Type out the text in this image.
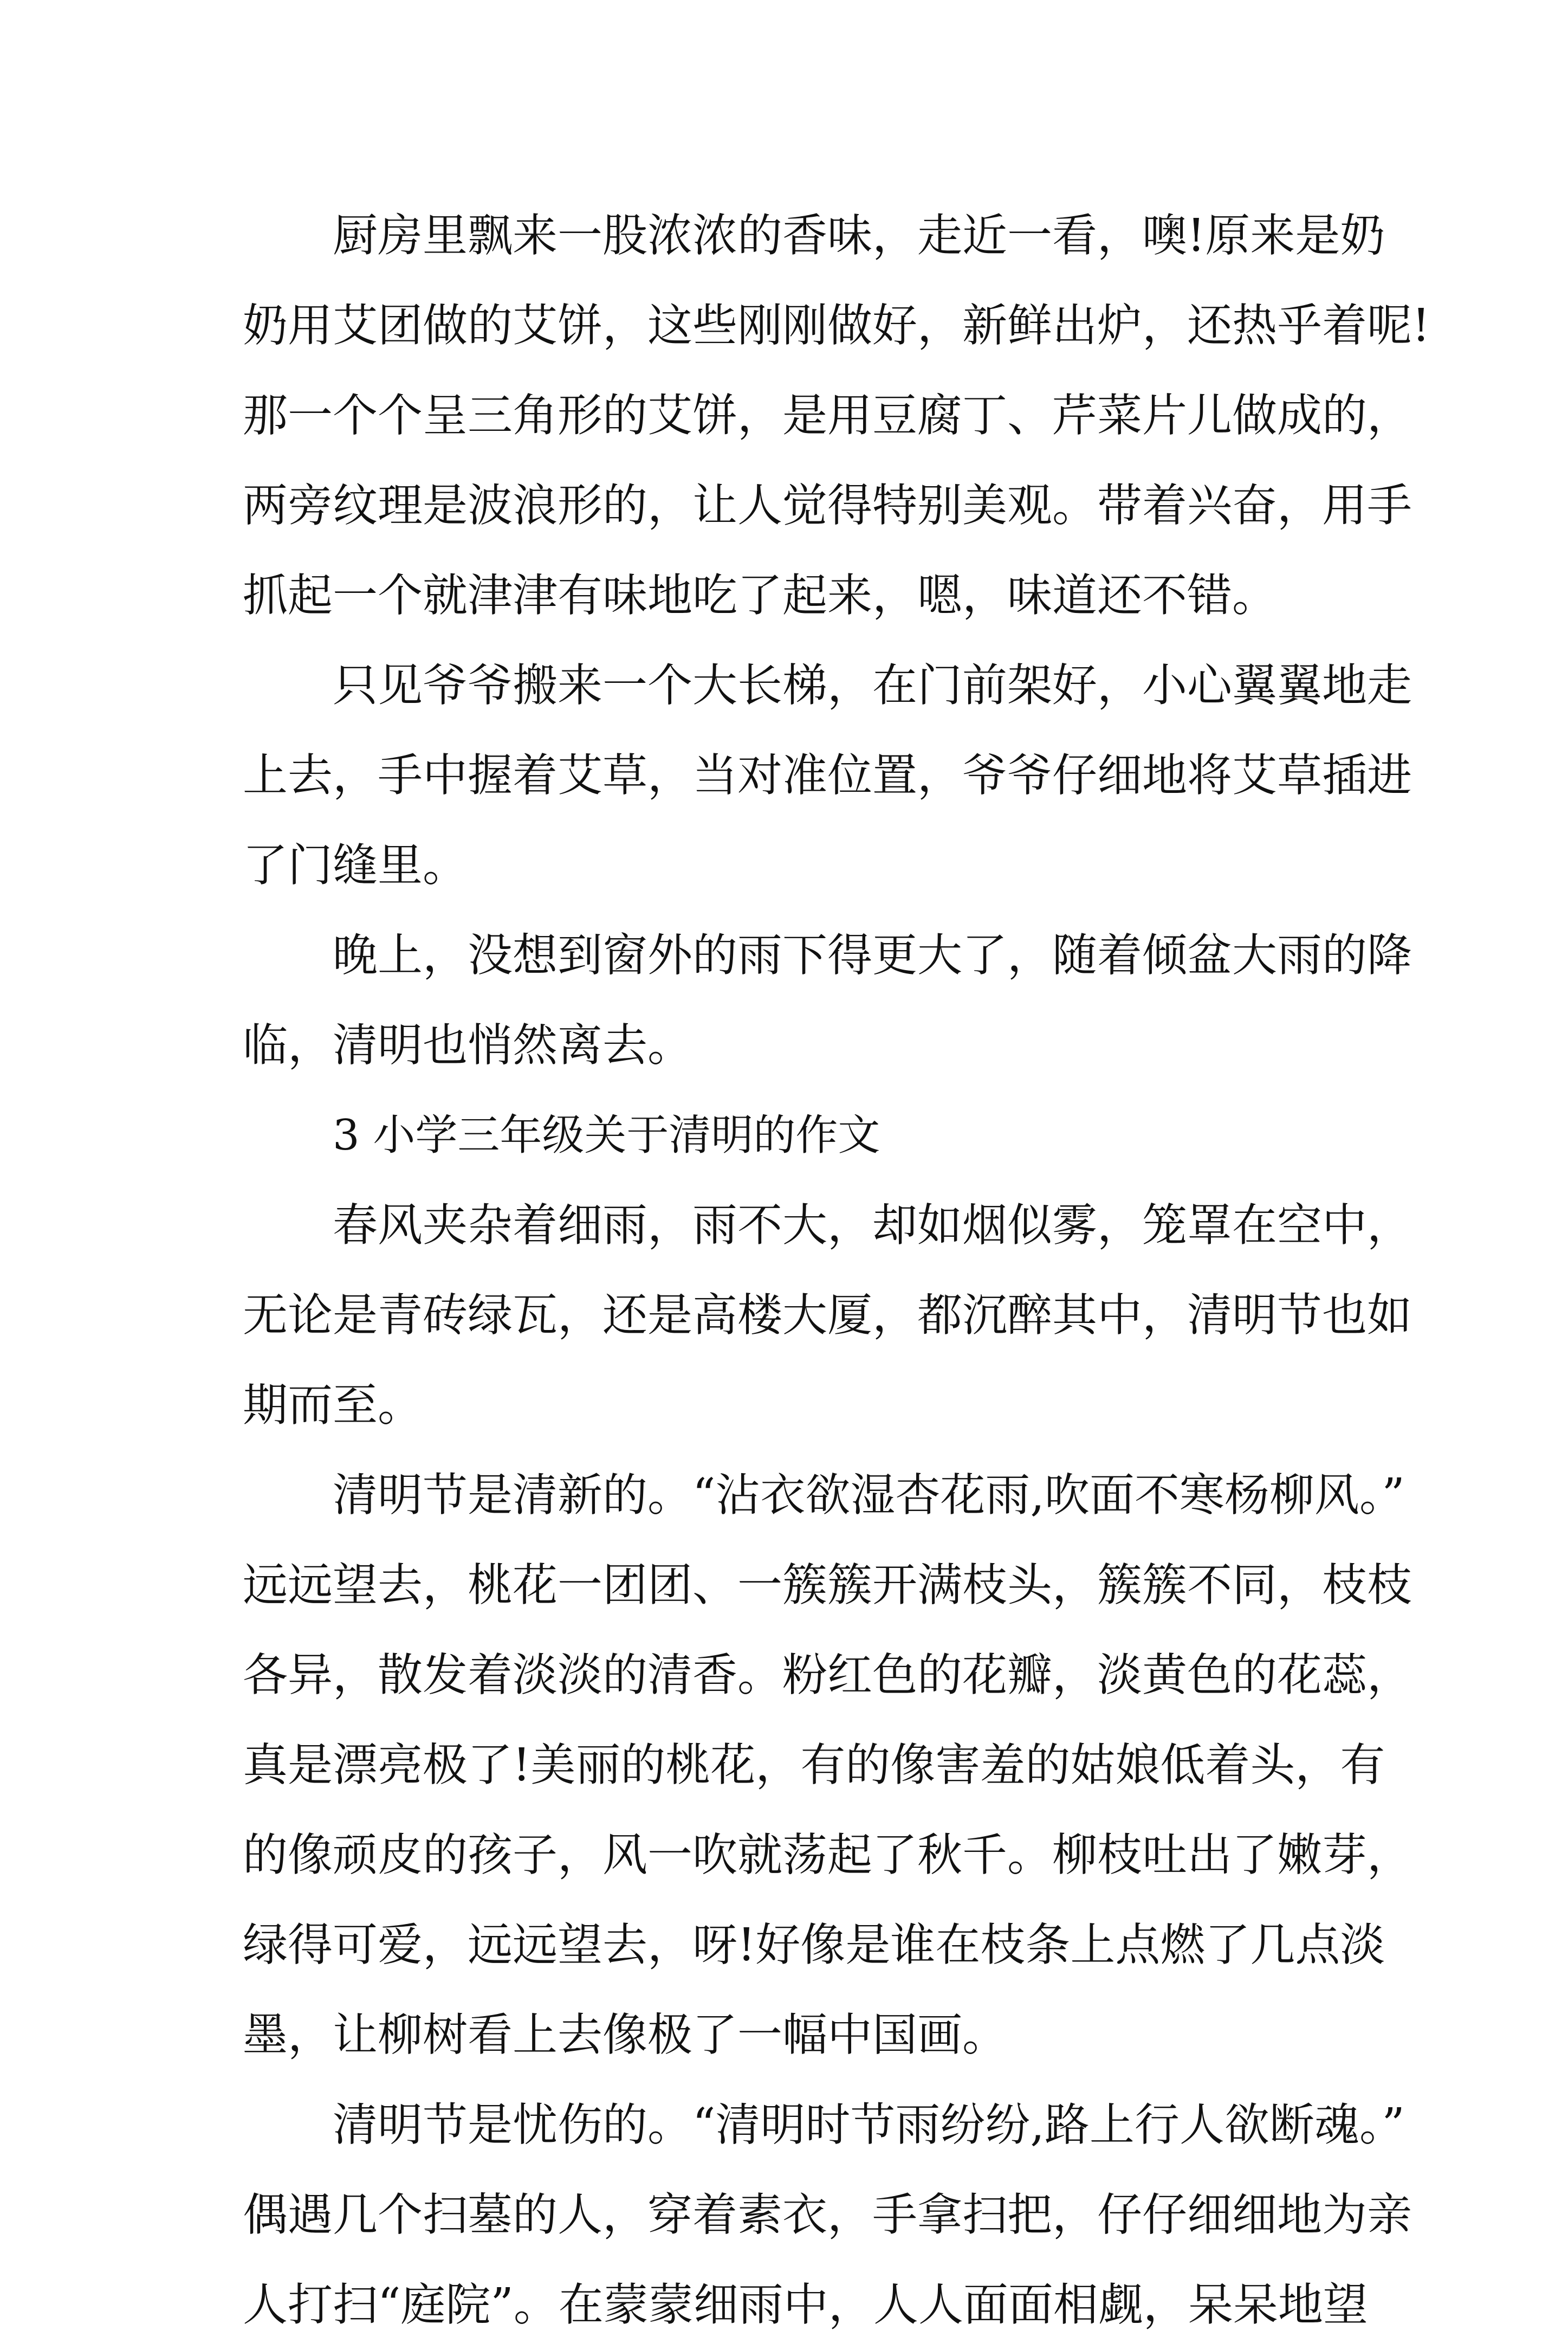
厨房里飘来一股浓浓的香味，走近一看，噢!原来是奶
奶用艾团做的艾饼，这些刚刚做好，新鲜出炉，还热乎着呢!
那一个个呈三角形的艾饼，是用豆腐丁、芹菜片儿做成的，
两旁纹理是波浪形的，让人觉得特别美观。带着兴奋，用手
抓起一个就津津有味地吃了起来，嗯，味道还不错。
只见爷爷搬来一个大长梯，在门前架好，小心翼翼地走
上去，手中握着艾草，当对准位置，爷爷仔细地将艾草插进
了门缝里。
晚上，没想到窗外的雨下得更大了，随着倾盆大雨的降
临，清明也悄然离去。
3 小学三年级关于清明的作文
春风夹杂着细雨，雨不大，却如烟似雾，笼罩在空中，
无论是青砖绿瓦，还是高楼大厦，都沉醉其中，清明节也如
期而至。
清明节是清新的。“沾衣欲湿杏花雨,吹面不寒杨柳风。”
远远望去，桃花一团团、一簇簇开满枝头，簇簇不同，枝枝
各异，散发着淡淡的清香。粉红色的花瓣，淡黄色的花蕊，
真是漂亮极了!美丽的桃花，有的像害羞的姑娘低着头，有
的像顽皮的孩子，风一吹就荡起了秋千。柳枝吐出了嫩芽，
绿得可爱，远远望去，呀!好像是谁在枝条上点燃了几点淡
墨，让柳树看上去像极了一幅中国画。
清明节是忧伤的。“清明时节雨纷纷,路上行人欲断魂。”
偶遇几个扫墓的人，穿着素衣，手拿扫把，仔仔细细地为亲
人打扫“庭院”。在蒙蒙细雨中，人人面面相觑，呆呆地望
